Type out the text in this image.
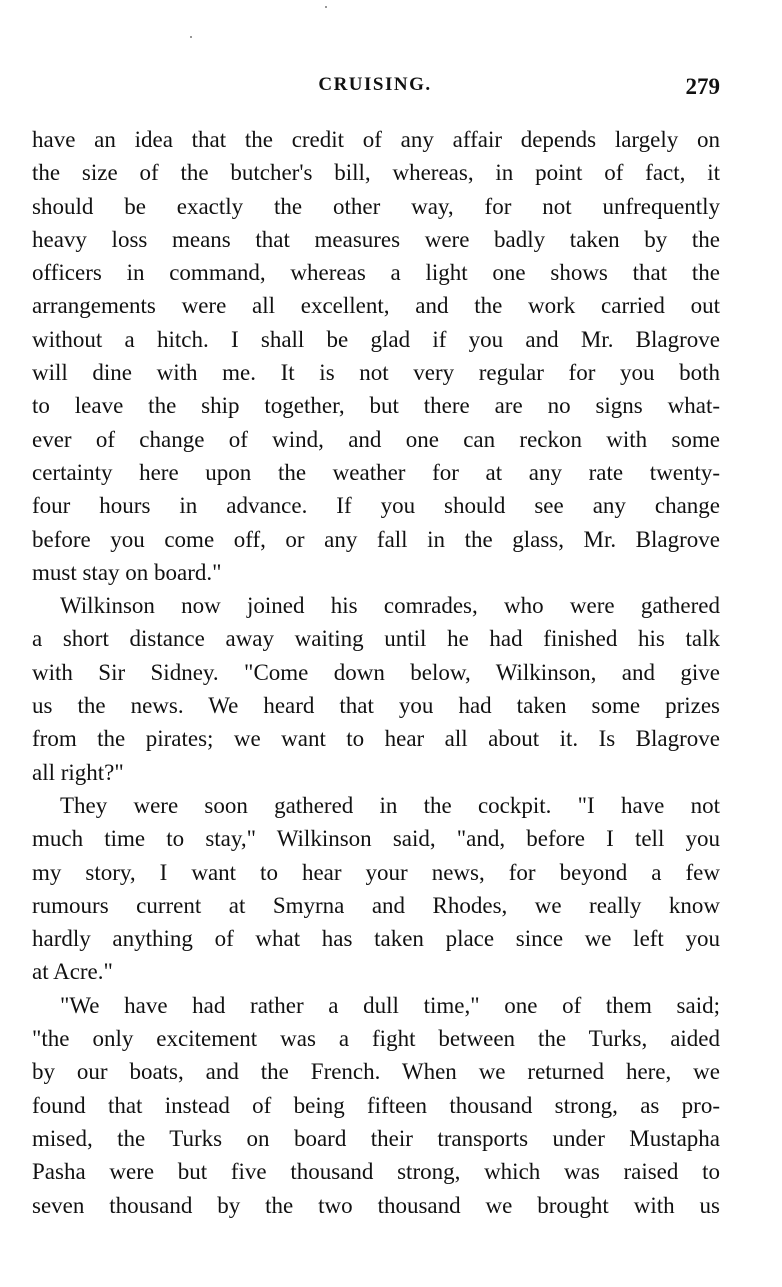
CRUISING.	279
have an idea that the credit of any affair depends largely on
the size of the butcher's bill, whereas, in point of fact, it
should be exactly the other way, for not unfrequently
heavy loss means that measures were badly taken by the
officers in command, whereas a light one shows that the
arrangements were all excellent, and the work carried out
without a hitch. I shall be glad if you and Mr. Blagrove
will dine with me. It is not very regular for you both
to leave the ship together, but there are no signs what-
ever of change of wind, and one can reckon with some
certainty here upon the weather for at any rate twenty-
four hours in advance. If you should see any change
before you come off, or any fall in the glass, Mr. Blagrove
must stay on board."
Wilkinson now joined his comrades, who were gathered
a short distance away waiting until he had finished his talk
with Sir Sidney. "Come down below, Wilkinson, and give
us the news. We heard that you had taken some prizes
from the pirates; we want to hear all about it. Is Blagrove
all right?"
They were soon gathered in the cockpit. "I have not
much time to stay," Wilkinson said, "and, before I tell you
my story, I want to hear your news, for beyond a few
rumours current at Smyrna and Rhodes, we really know
hardly anything of what has taken place since we left you
at Acre."
"We have had rather a dull time," one of them said;
"the only excitement was a fight between the Turks, aided
by our boats, and the French. When we returned here, we
found that instead of being fifteen thousand strong, as pro-
mised, the Turks on board their transports under Mustapha
Pasha were but five thousand strong, which was raised to
seven thousand by the two thousand we brought with us
